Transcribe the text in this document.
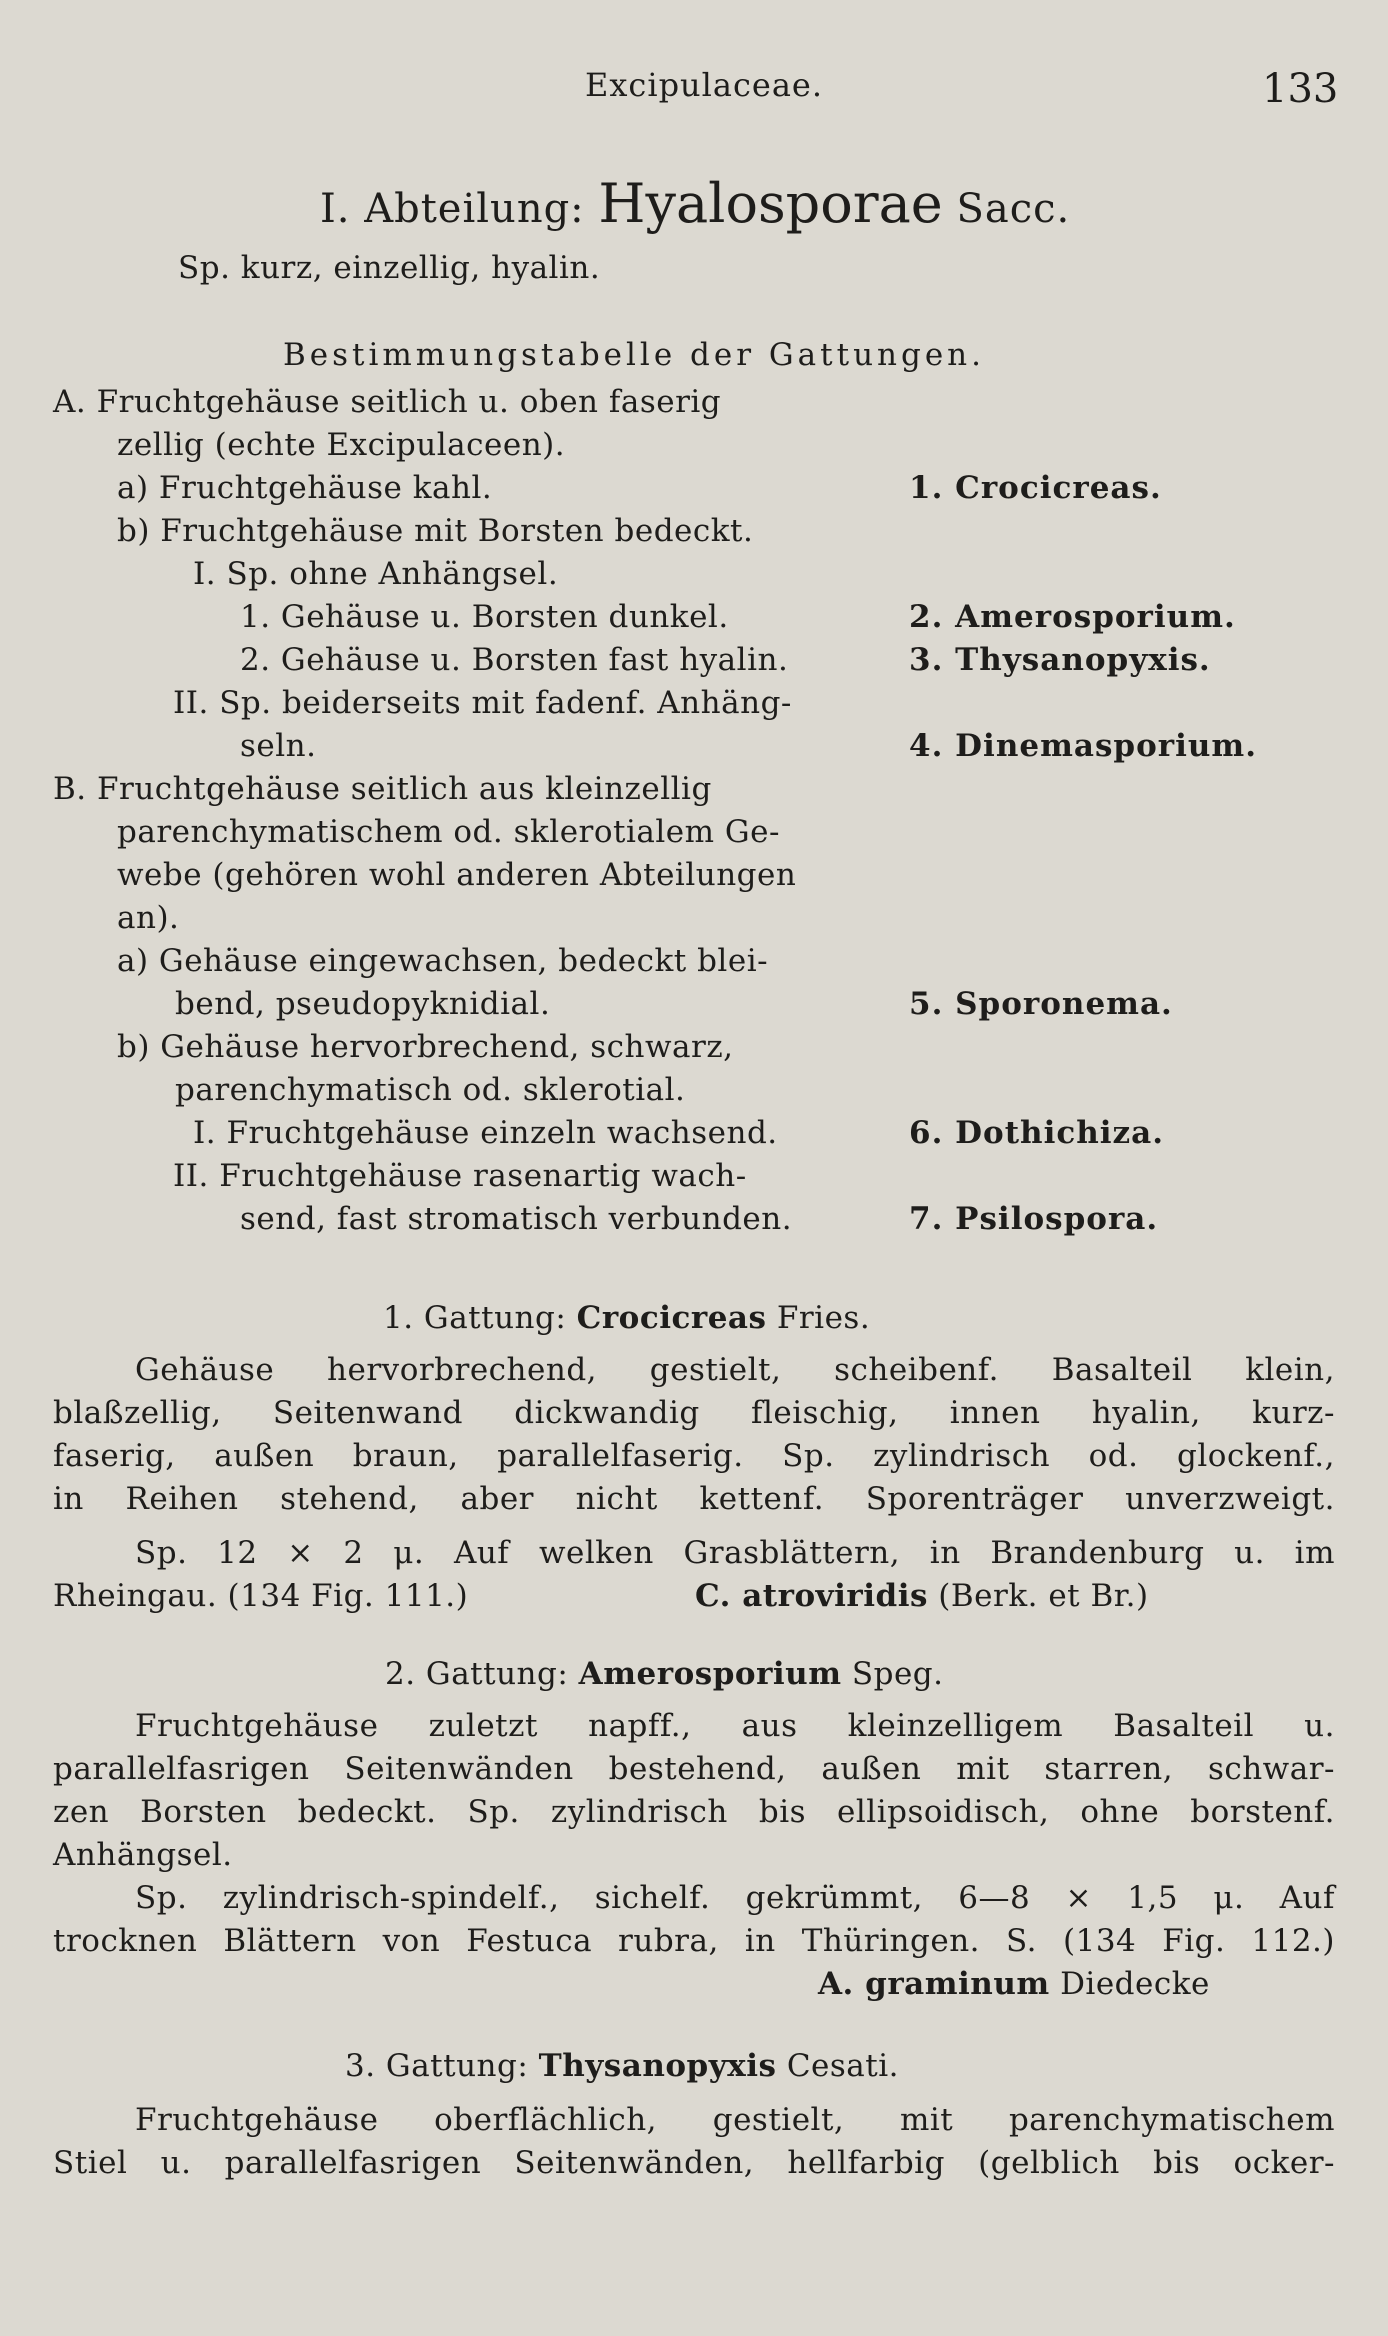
Excipulaceae.	133
I. Abteilung: Hyalosporae Sacc.
Sp. kurz, einzellig, hyalin.
Bestimmungstabelle der Gattungen.
A. Fruchtgehäuse seitlich u. oben faserig
zellig (echte Excipulaceen).
a) Fruchtgehäuse kahl.	1. Crocicreas.
b) Fruchtgehäuse mit Borsten bedeckt.
I. Sp. ohne Anhängsel.
1. Gehäuse u. Borsten dunkel.	2. Amerosporium.
2. Gehäuse u. Borsten fast hyalin.	3. Thysanopyxis.
II. Sp. beiderseits mit fadenf. Anhäng-
seln.	4. Dinemasporium.
B. Fruchtgehäuse seitlich aus kleinzellig
parenchymatischem od. sklerotialem Ge-
webe (gehören wohl anderen Abteilungen
an).
a) Gehäuse eingewachsen, bedeckt blei-
bend, pseudopyknidial.	5. Sporonema.
b) Gehäuse hervorbrechend, schwarz,
parenchymatisch od. sklerotial.
I. Fruchtgehäuse einzeln wachsend.	6. Dothichiza.
II. Fruchtgehäuse rasenartig wach-
send, fast stromatisch verbunden.	7. Psilospora.
1. Gattung: Crocicreas Fries.
Gehäuse hervorbrechend, gestielt, scheibenf. Basalteil klein,
blaßzellig, Seitenwand dickwandig fleischig, innen hyalin, kurz-
faserig, außen braun, parallelfaserig. Sp. zylindrisch od. glockenf.,
in Reihen stehend, aber nicht kettenf. Sporenträger unverzweigt.
Sp. 12 × 2 μ. Auf welken Grasblättern, in Brandenburg u. im
Rheingau. (134 Fig. 111.)	C. atroviridis (Berk. et Br.)
2. Gattung: Amerosporium Speg.
Fruchtgehäuse zuletzt napff., aus kleinzelligem Basalteil u.
parallelfasrigen Seitenwänden bestehend, außen mit starren, schwar-
zen Borsten bedeckt. Sp. zylindrisch bis ellipsoidisch, ohne borstenf.
Anhängsel.
Sp. zylindrisch-spindelf., sichelf. gekrümmt, 6—8 × 1,5 μ. Auf
trocknen Blättern von Festuca rubra, in Thüringen. S. (134 Fig. 112.)
A. graminum Diedecke
3. Gattung: Thysanopyxis Cesati.
Fruchtgehäuse oberflächlich, gestielt, mit parenchymatischem
Stiel u. parallelfasrigen Seitenwänden, hellfarbig (gelblich bis ocker-
